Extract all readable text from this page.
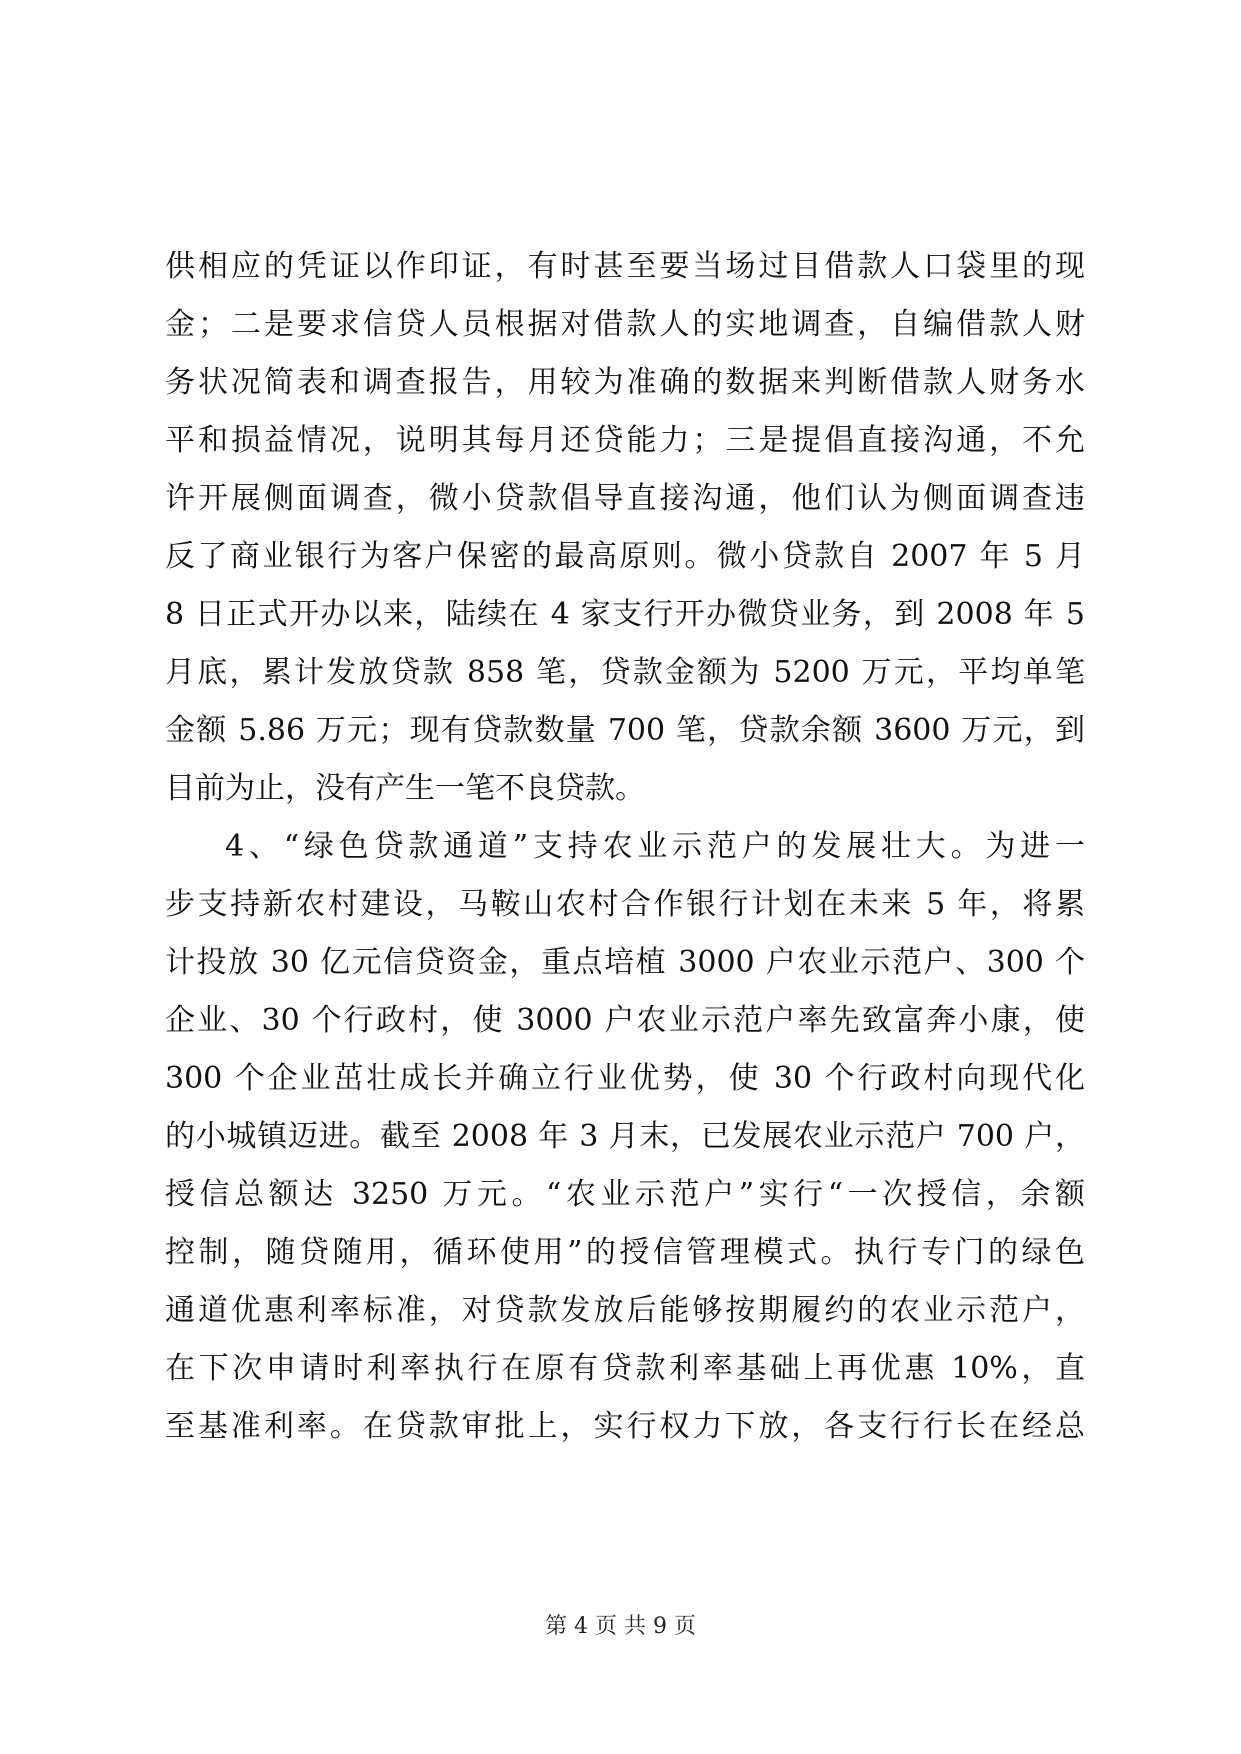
供相应的凭证以作印证，有时甚至要当场过目借款人口袋里的现
金；二是要求信贷人员根据对借款人的实地调查，自编借款人财
务状况简表和调查报告，用较为准确的数据来判断借款人财务水
平和损益情况，说明其每月还贷能力；三是提倡直接沟通，不允
许开展侧面调查，微小贷款倡导直接沟通，他们认为侧面调查违
反了商业银行为客户保密的最高原则。微小贷款自 2007 年 5 月
8 日正式开办以来，陆续在 4 家支行开办微贷业务，到 2008 年 5
月底，累计发放贷款 858 笔，贷款金额为 5200 万元，平均单笔
金额 5.86 万元；现有贷款数量 700 笔，贷款余额 3600 万元，到
目前为止，没有产生一笔不良贷款。
4、“绿色贷款通道”支持农业示范户的发展壮大。为进一
步支持新农村建设，马鞍山农村合作银行计划在未来 5 年，将累
计投放 30 亿元信贷资金，重点培植 3000 户农业示范户、300 个
企业、30 个行政村，使 3000 户农业示范户率先致富奔小康，使
300 个企业茁壮成长并确立行业优势，使 30 个行政村向现代化
的小城镇迈进。截至 2008 年 3 月末，已发展农业示范户 700 户，
授信总额达 3250 万元。“农业示范户”实行“一次授信，余额
控制，随贷随用，循环使用”的授信管理模式。执行专门的绿色
通道优惠利率标准，对贷款发放后能够按期履约的农业示范户，
在下次申请时利率执行在原有贷款利率基础上再优惠 10%，直
至基准利率。在贷款审批上，实行权力下放，各支行行长在经总
第 4 页 共 9 页
